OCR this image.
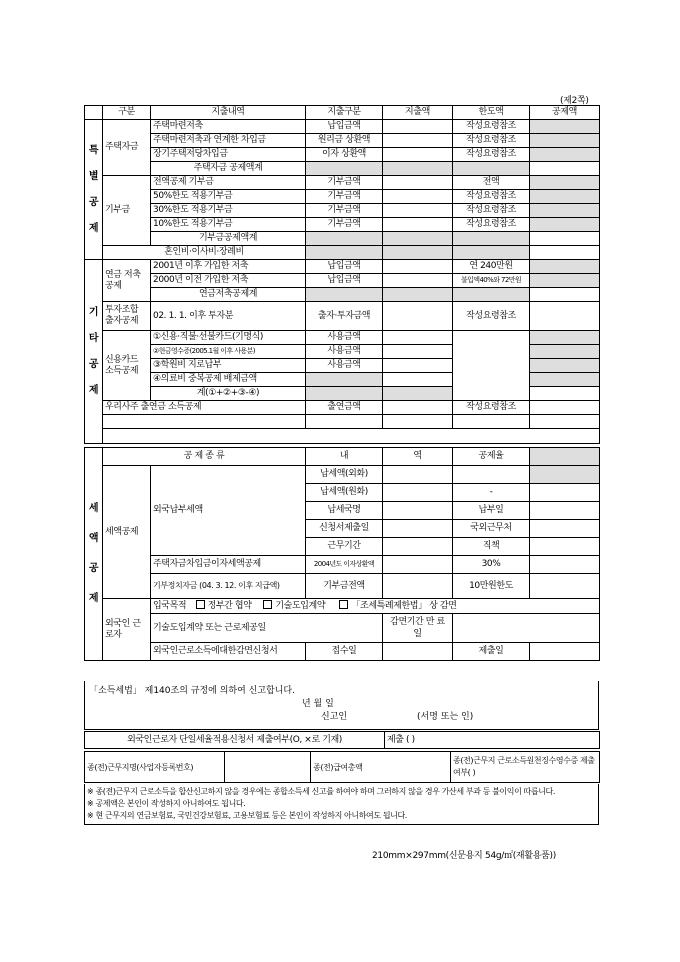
(제2쪽)
	구분	지출내역	지출구분	지출액	한도액	공제액

특
별
공
제	주택자금	주택마련저축	납입금액		작성요령참조	
		주택마련저축과 연계한 차입금	원리금 상환액		작성요령참조	
		장기주택저당차입금	이자 상환액		작성요령참조	
		주택자금 공제액계				
	기부금	전액공제 기부금	기부금액		전액	
		50%한도 적용기부금	기부금액		작성요령참조	
		30%한도 적용기부금	기부금액		작성요령참조	
		10%한도 적용기부금	기부금액		작성요령참조	
		기부금공제액계				
	혼인비·이사비·장례비					

기
타
공
제	연금 저축공제	2001년 이후 가입한 저축	납입금액		연 240만원	
		2000년 이전 가입한 저축	납입금액		불입액40%와 72만원	
		연금저축공제계				
	투자조합 출자공제	02. 1. 1. 이후 투자분	출자·투자금액		작성요령참조	
	신용카드 소득공제	①신용·직불·선불카드(기명식)	사용금액			
		②현금영수증(2005.1월 이후 사용분)	사용금액			
		③학원비 지로납부	사용금액			
		④의료비 중복공제 배제금액				
		계(①+②+③-④)				
	우리사주 출연금 소득공제		출연금액		작성요령참조	

세
액
공
제	공 제 종 류		내	역	공제율	
	세액공제	외국납부세액	납세액(외화)			
			납세액(원화)		-	
			납세국명		납부일	
			신청서제출일		국외근무처	
			근무기간		직책	
		주택자금차입금이자세액공제	2004년도 이자상환액		30%	
		기부정치자금 (04. 3. 12. 이후 지급액)	기부금전액		10만원한도	
	외국인 근로자	입국목적 정부간 협약 기술도입계약 「조세특례제한법」 상 감면				
		기술도입계약 또는 근로제공일		감면기간 만 료 일		
		외국인근로소득에대한감면신청서	접수일		제출일	
「소득세법」 제140조의 규정에 의하여 신고합니다.
년 월 일
신고인	(서명 또는 인)
외국인근로자 단일세율적용신청서 제출여부(O, ×로 기재)	제출 ( )
종(전)근무지명(사업자등록번호)		종(전)급여총액	종(전)근무지 근로소득원천징수영수증 제출여부( )
※ 종(전)근무지 근로소득을 합산신고하지 않을 경우에는 종합소득세 신고를 하여야 하며 그러하지 않을 경우 가산세 부과 등 불이익이 따릅니다.
※ 공제액은 본인이 작성하지 아니하여도 됩니다.
※ 현 근무지의 연금보험료, 국민건강보험료, 고용보험료 등은 본인이 작성하지 아니하여도 됩니다.
210mm×297mm(신문용지 54g/㎡(재활용품))
